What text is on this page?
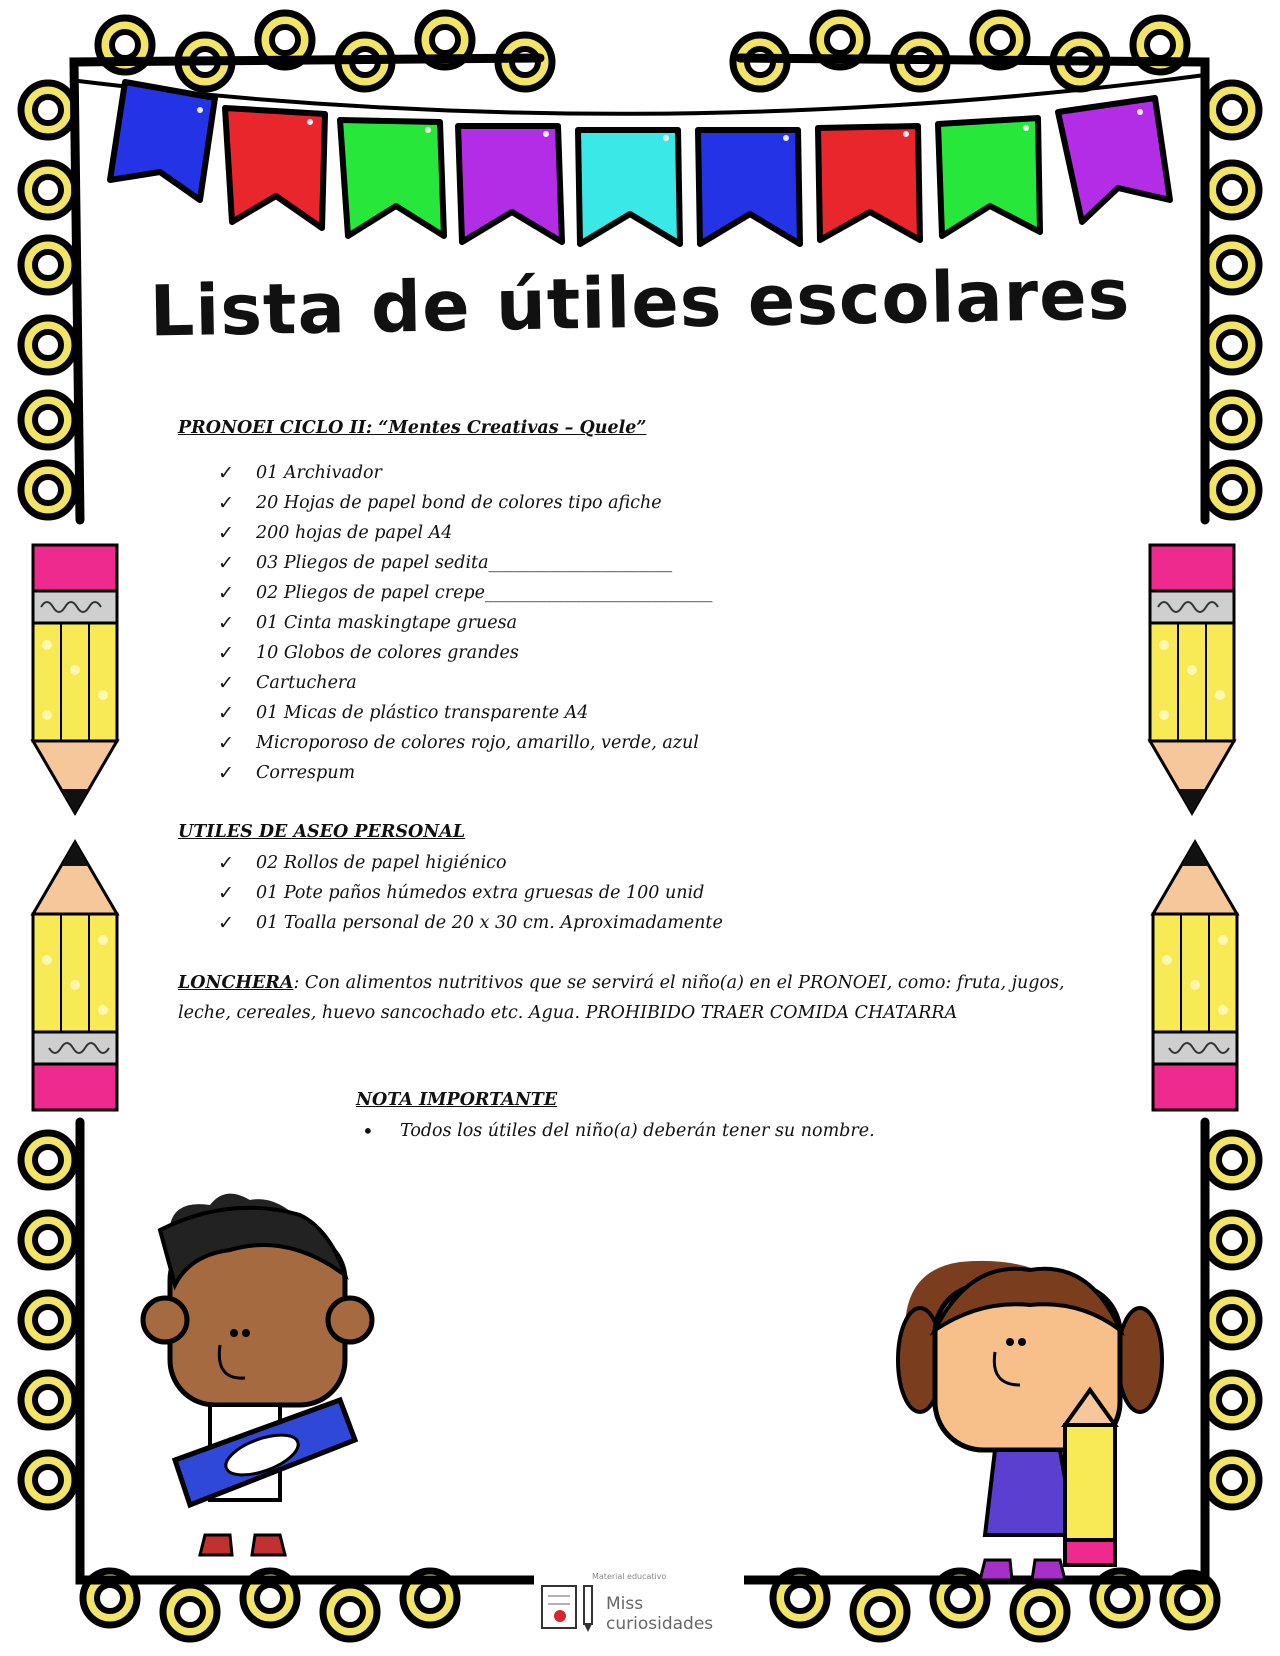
Lista de útiles escolares
PRONOEI CICLO II: “Mentes Creativas – Quele”
✓ 01 Archivador
✓ 20 Hojas de papel bond de colores tipo afiche
✓ 200 hojas de papel A4
✓ 03 Pliegos de papel sedita_____________________
✓ 02 Pliegos de papel crepe__________________________
✓ 01 Cinta maskingtape gruesa
✓ 10 Globos de colores grandes
✓ Cartuchera
✓ 01 Micas de plástico transparente A4
✓ Microporoso de colores rojo, amarillo, verde, azul
✓ Correspum
UTILES DE ASEO PERSONAL
✓ 02 Rollos de papel higiénico
✓ 01 Pote paños húmedos extra gruesas de 100 unid
✓ 01 Toalla personal de 20 x 30 cm. Aproximadamente
LONCHERA: Con alimentos nutritivos que se servirá el niño(a) en el PRONOEI, como: fruta, jugos, leche, cereales, huevo sancochado etc. Agua. PROHIBIDO TRAER COMIDA CHATARRA
NOTA IMPORTANTE
• Todos los útiles del niño(a) deberán tener su nombre.
Material educativo
Miss curiosidades
